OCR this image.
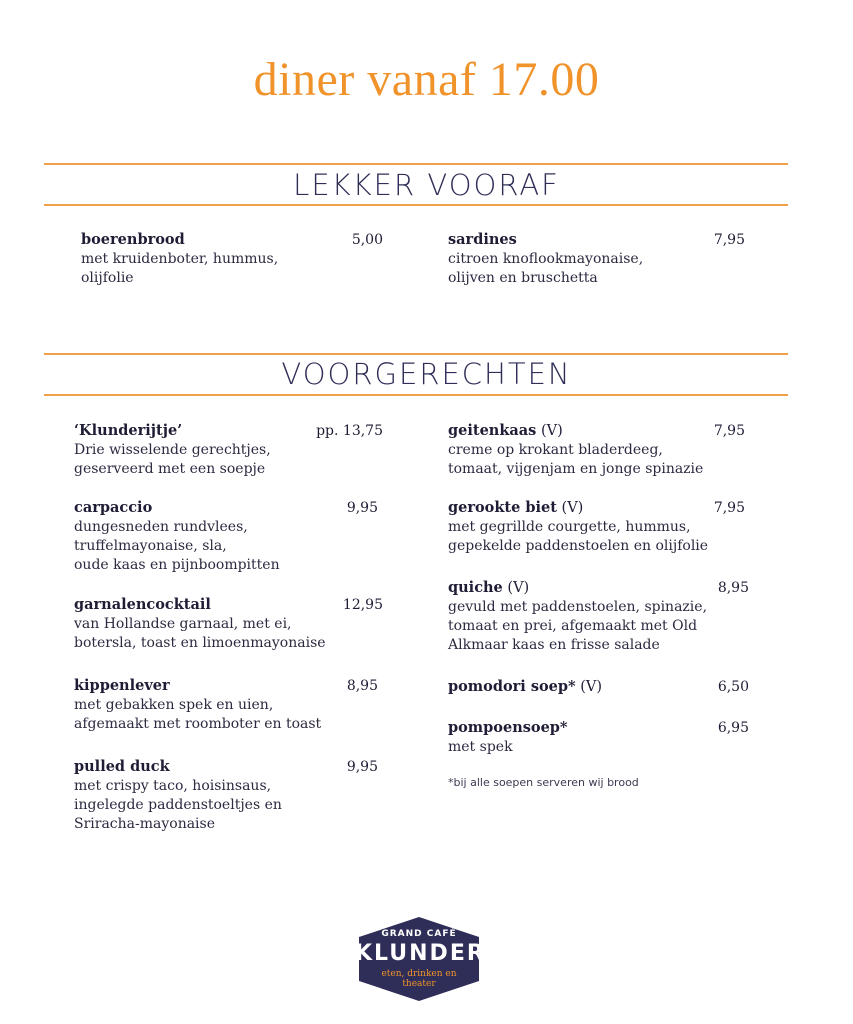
diner vanaf 17.00
LEKKER VOORAF
boerenbrood	5,00
met kruidenboter, hummus,
olijfolie
sardines	7,95
citroen knoflookmayonaise,
olijven en bruschetta
VOORGERECHTEN
‘Klunderijtje’	pp. 13,75
Drie wisselende gerechtjes,
geserveerd met een soepje
carpaccio	9,95
dungesneden rundvlees,
truffelmayonaise, sla,
oude kaas en pijnboompitten
garnalencocktail	12,95
van Hollandse garnaal, met ei,
botersla, toast en limoenmayonaise
kippenlever	8,95
met gebakken spek en uien,
afgemaakt met roomboter en toast
pulled duck	9,95
met crispy taco, hoisinsaus,
ingelegde paddenstoeltjes en
Sriracha-mayonaise
geitenkaas (V)	7,95
creme op krokant bladerdeeg,
tomaat, vijgenjam en jonge spinazie
gerookte biet (V)	7,95
met gegrillde courgette, hummus,
gepekelde paddenstoelen en olijfolie
quiche (V)	8,95
gevuld met paddenstoelen, spinazie,
tomaat en prei, afgemaakt met Old
Alkmaar kaas en frisse salade
pomodori soep* (V)	6,50
pompoensoep*	6,95
met spek
*bij alle soepen serveren wij brood
GRAND CAFÉ
KLUNDER
eten, drinken en
theater
